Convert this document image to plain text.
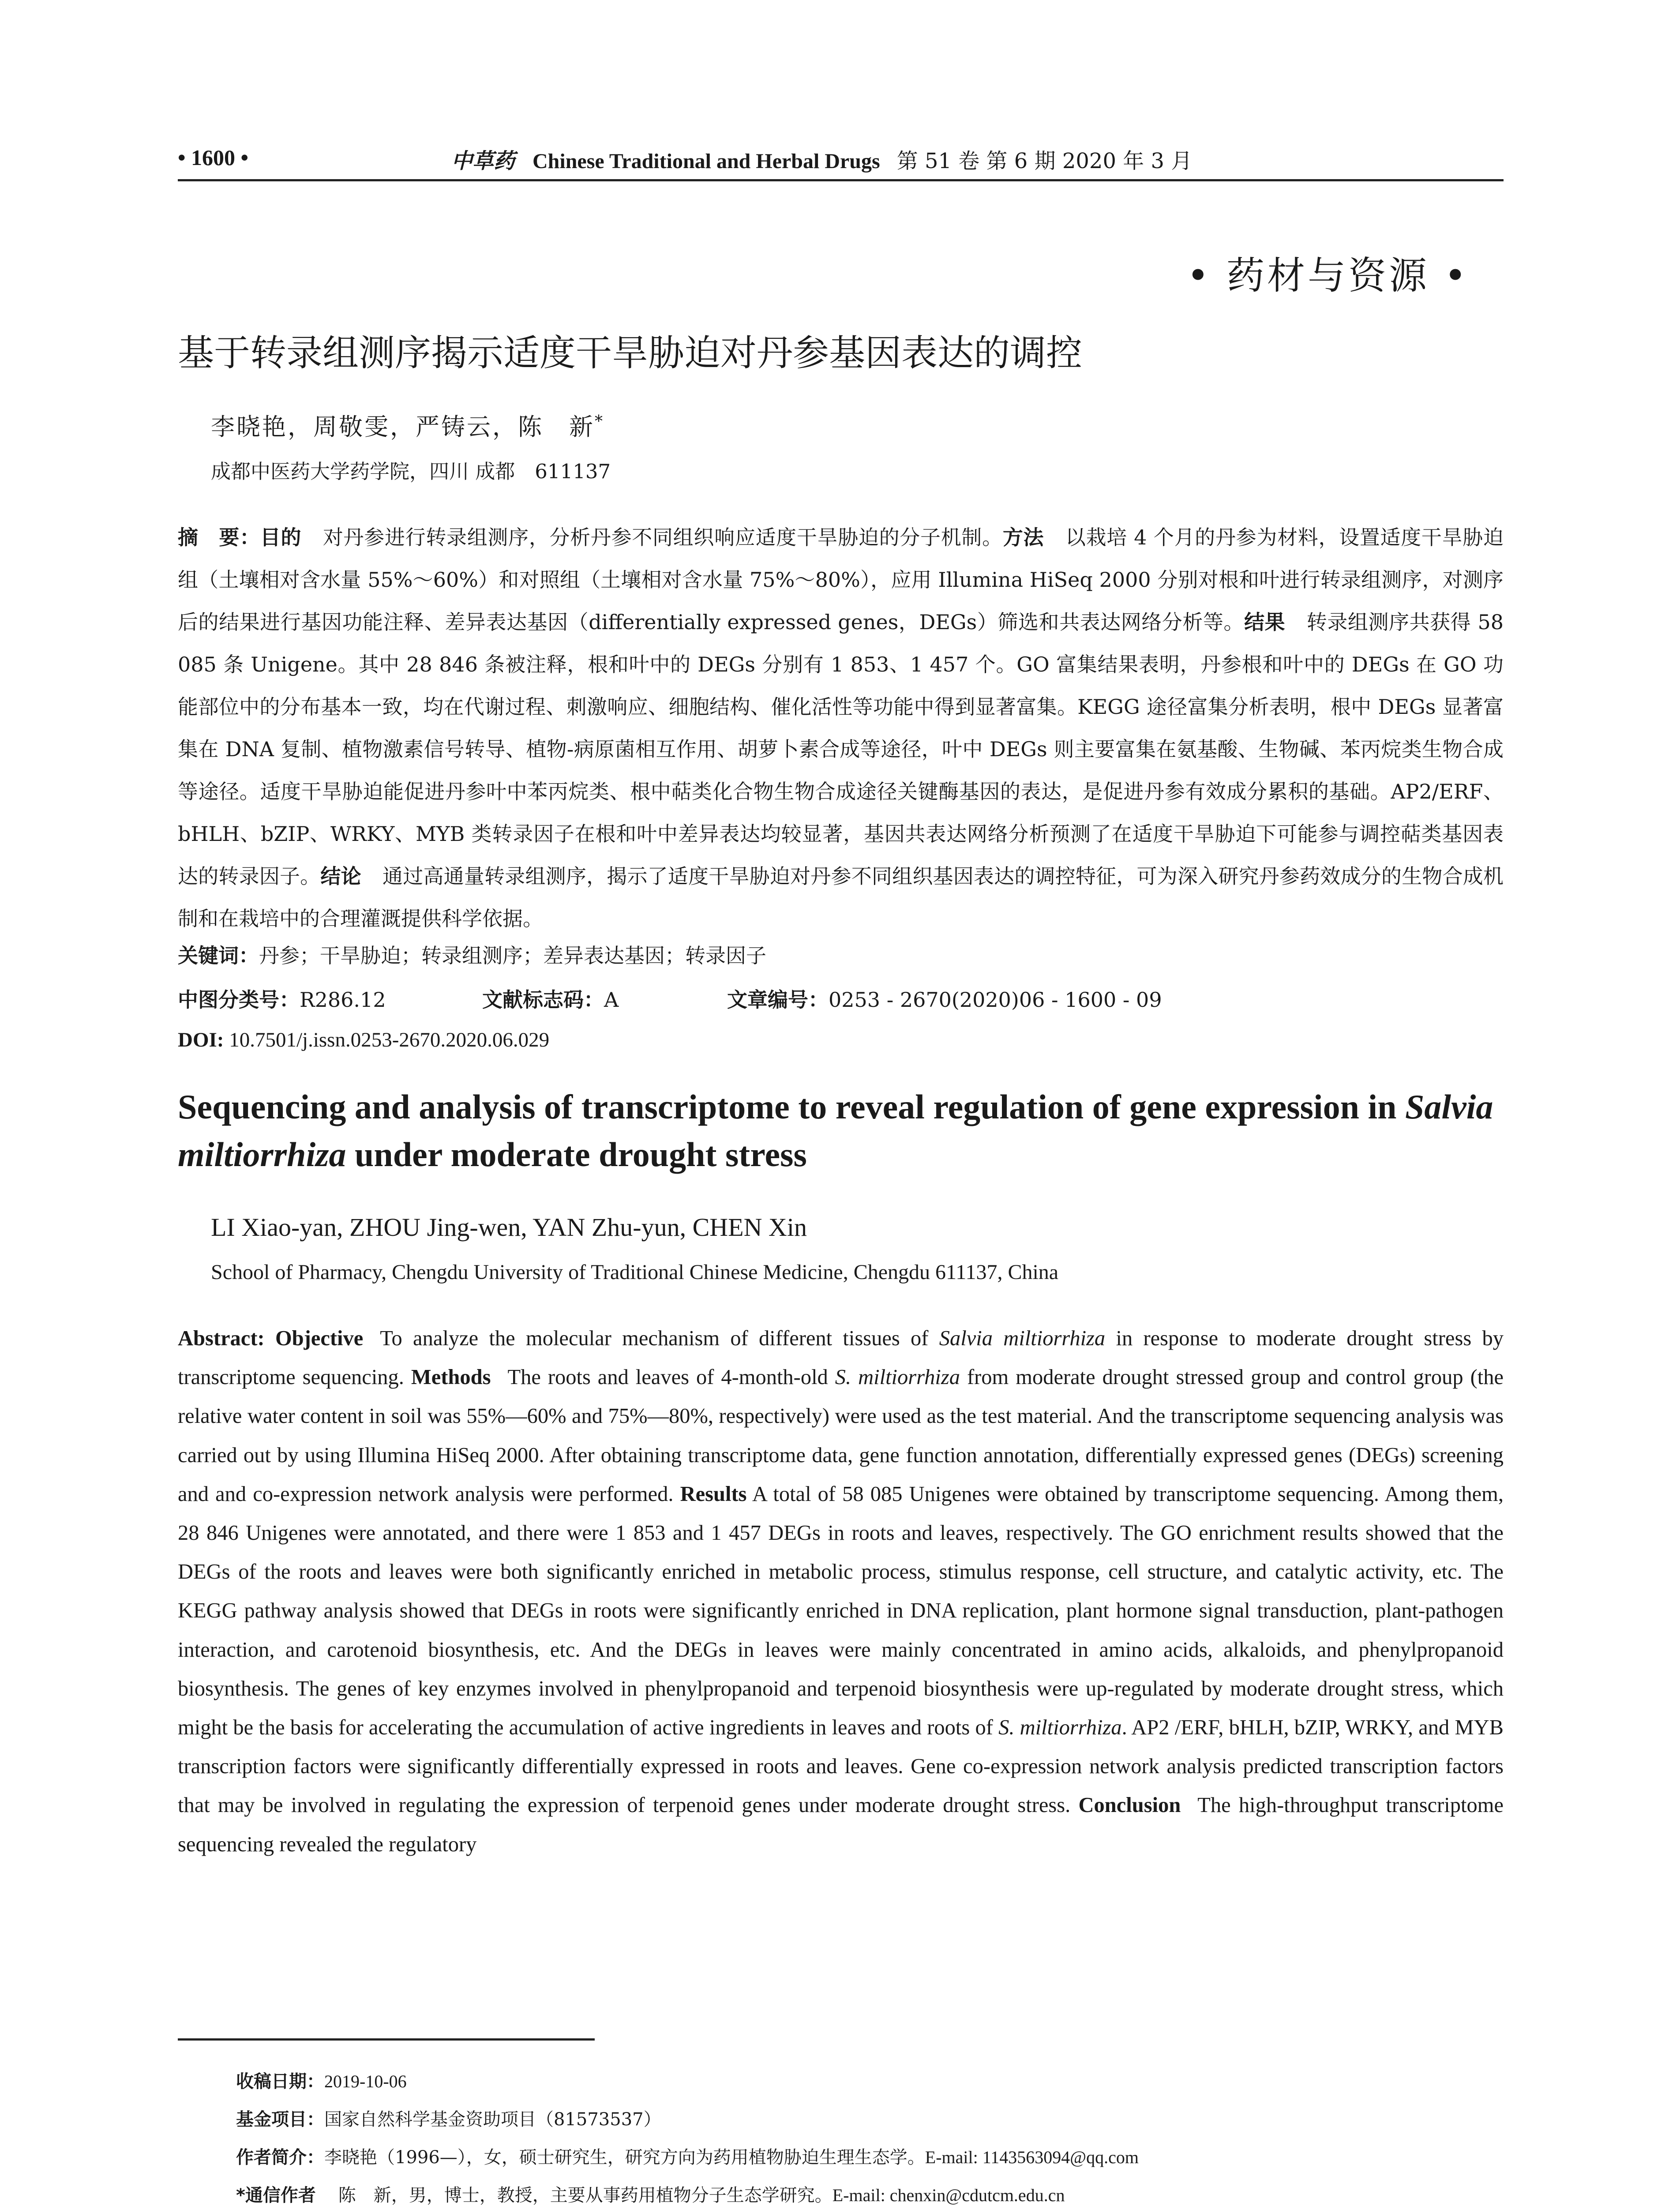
• 1600 •	中草药 Chinese Traditional and Herbal Drugs 第 51 卷 第 6 期 2020 年 3 月
• 药材与资源 •
基于转录组测序揭示适度干旱胁迫对丹参基因表达的调控
李晓艳，周敬雯，严铸云，陈　新*
成都中医药大学药学院，四川 成都　611137
摘　要：目的 对丹参进行转录组测序，分析丹参不同组织响应适度干旱胁迫的分子机制。方法 以栽培 4 个月的丹参为材料，设置适度干旱胁迫组（土壤相对含水量 55%～60%）和对照组（土壤相对含水量 75%～80%），应用 Illumina HiSeq 2000 分别对根和叶进行转录组测序，对测序后的结果进行基因功能注释、差异表达基因（differentially expressed genes，DEGs）筛选和共表达网络分析等。结果 转录组测序共获得 58 085 条 Unigene。其中 28 846 条被注释，根和叶中的 DEGs 分别有 1 853、1 457 个。GO 富集结果表明，丹参根和叶中的 DEGs 在 GO 功能部位中的分布基本一致，均在代谢过程、刺激响应、细胞结构、催化活性等功能中得到显著富集。KEGG 途径富集分析表明，根中 DEGs 显著富集在 DNA 复制、植物激素信号转导、植物-病原菌相互作用、胡萝卜素合成等途径，叶中 DEGs 则主要富集在氨基酸、生物碱、苯丙烷类生物合成等途径。适度干旱胁迫能促进丹参叶中苯丙烷类、根中萜类化合物生物合成途径关键酶基因的表达，是促进丹参有效成分累积的基础。AP2/ERF、bHLH、bZIP、WRKY、MYB 类转录因子在根和叶中差异表达均较显著，基因共表达网络分析预测了在适度干旱胁迫下可能参与调控萜类基因表达的转录因子。结论 通过高通量转录组测序，揭示了适度干旱胁迫对丹参不同组织基因表达的调控特征，可为深入研究丹参药效成分的生物合成机制和在栽培中的合理灌溉提供科学依据。
关键词：丹参；干旱胁迫；转录组测序；差异表达基因；转录因子
中图分类号：R286.12	文献标志码：A	文章编号：0253 - 2670(2020)06 - 1600 - 09
DOI: 10.7501/j.issn.0253-2670.2020.06.029
Sequencing and analysis of transcriptome to reveal regulation of gene expression in Salvia miltiorrhiza under moderate drought stress
LI Xiao-yan, ZHOU Jing-wen, YAN Zhu-yun, CHEN Xin
School of Pharmacy, Chengdu University of Traditional Chinese Medicine, Chengdu 611137, China
Abstract: Objective To analyze the molecular mechanism of different tissues of Salvia miltiorrhiza in response to moderate drought stress by transcriptome sequencing. Methods The roots and leaves of 4-month-old S. miltiorrhiza from moderate drought stressed group and control group (the relative water content in soil was 55%—60% and 75%—80%, respectively) were used as the test material. And the transcriptome sequencing analysis was carried out by using Illumina HiSeq 2000. After obtaining transcriptome data, gene function annotation, differentially expressed genes (DEGs) screening and and co-expression network analysis were performed. Results A total of 58 085 Unigenes were obtained by transcriptome sequencing. Among them, 28 846 Unigenes were annotated, and there were 1 853 and 1 457 DEGs in roots and leaves, respectively. The GO enrichment results showed that the DEGs of the roots and leaves were both significantly enriched in metabolic process, stimulus response, cell structure, and catalytic activity, etc. The KEGG pathway analysis showed that DEGs in roots were significantly enriched in DNA replication, plant hormone signal transduction, plant-pathogen interaction, and carotenoid biosynthesis, etc. And the DEGs in leaves were mainly concentrated in amino acids, alkaloids, and phenylpropanoid biosynthesis. The genes of key enzymes involved in phenylpropanoid and terpenoid biosynthesis were up-regulated by moderate drought stress, which might be the basis for accelerating the accumulation of active ingredients in leaves and roots of S. miltiorrhiza. AP2 /ERF, bHLH, bZIP, WRKY, and MYB transcription factors were significantly differentially expressed in roots and leaves. Gene co-expression network analysis predicted transcription factors that may be involved in regulating the expression of terpenoid genes under moderate drought stress. Conclusion The high-throughput transcriptome sequencing revealed the regulatory
收稿日期：2019-10-06
基金项目：国家自然科学基金资助项目（81573537）
作者简介：李晓艳（1996—），女，硕士研究生，研究方向为药用植物胁迫生理生态学。E-mail: 1143563094@qq.com
*通信作者 陈　新，男，博士，教授，主要从事药用植物分子生态学研究。E-mail: chenxin@cdutcm.edu.cn
